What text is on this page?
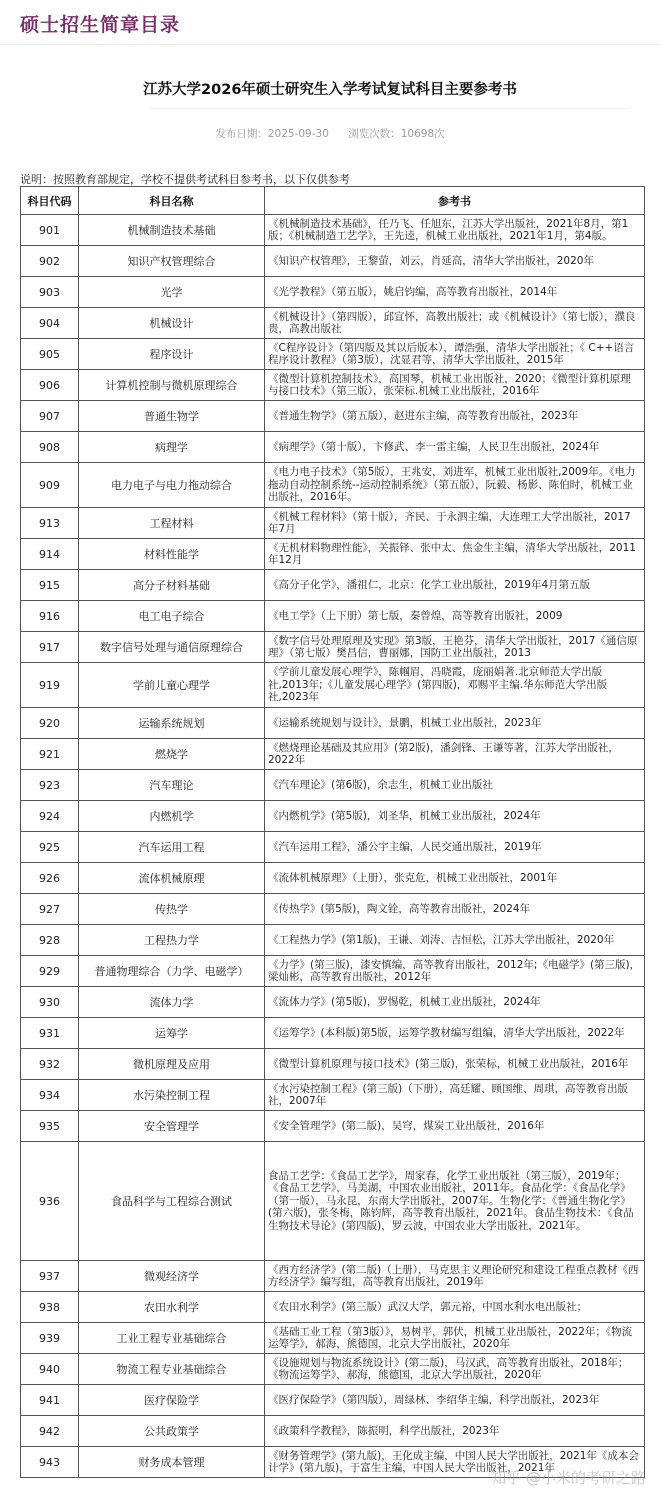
硕士招生简章目录
江苏大学2026年硕士研究生入学考试复试科目主要参考书
发布日期：2025-09-30 浏览次数：10698次
说明：按照教育部规定，学校不提供考试科目参考书，以下仅供参考
科目代码	科目名称	参考书
901	机械制造技术基础	《机械制造技术基础》，任乃飞、任旭东，江苏大学出版社，2021年8月，第1版；《机械制造工艺学》，王先逵，机械工业出版社，2021年1月，第4版。
902	知识产权管理综合	《知识产权管理》，王黎萤，刘云，肖延高，清华大学出版社，2020年
903	光学	《光学教程》（第五版），姚启钧编，高等教育出版社，2014年
904	机械设计	《机械设计》（第四版），邱宣怀，高教出版社；或《机械设计》（第七版），濮良贵，高教出版社
905	程序设计	《C程序设计》（第四版及其以后版本），谭浩强，清华大学出版社；《 C++语言程序设计教程》（第3版），沈显君等，清华大学出版社，2015年
906	计算机控制与微机原理综合	《微型计算机控制技术》，高国琴，机械工业出版社，2020；《微型计算机原理与接口技术》（第三版），张荣标.机械工业出版社，2016年
907	普通生物学	《普通生物学》（第五版），赵进东主编，高等教育出版社，2023年
908	病理学	《病理学》（第十版），卞修武、李一雷主编，人民卫生出版社，2024年
909	电力电子与电力拖动综合	《电力电子技术》（第5版），王兆安，刘进军，机械工业出版社,2009年。《电力拖动自动控制系统--运动控制系统》（第五版），阮毅、杨影、陈伯时，机械工业出版社，2016年。
913	工程材料	《机械工程材料》（第十版），齐民、于永泗主编，大连理工大学出版社，2017年7月
914	材料性能学	《无机材料物理性能》，关振铎、张中太、焦金生主编，清华大学出版社，2011年12月
915	高分子材料基础	《高分子化学》，潘祖仁，北京：化学工业出版社，2019年4月第五版
916	电工电子综合	《电工学》（上下册）第七版，秦曾煌，高等教育出版社，2009
917	数字信号处理与通信原理综合	《数字信号处理原理及实现》第3版，王艳芬，清华大学出版社，2017《通信原理》（第七版）樊昌信，曹丽娜，国防工业出版社，2013
919	学前儿童心理学	《学前儿童发展心理学》，陈帼眉，冯晓霞，庞丽娟著.北京师范大学出版社,2013年;《儿童发展心理学》(第四版)，邓赐平主编.华东师范大学出版社,2023年
920	运输系统规划	《运输系统规划与设计》，景鹏，机械工业出版社，2023年
921	燃烧学	《燃烧理论基础及其应用》(第2版)，潘剑锋、王谦等著，江苏大学出版社，2022年
923	汽车理论	《汽车理论》(第6版)，余志生，机械工业出版社
924	内燃机学	《内燃机学》(第5版)，刘圣华，机械工业出版社，2024年
925	汽车运用工程	《汽车运用工程》，潘公宇主编，人民交通出版社，2019年
926	流体机械原理	《流体机械原理》（上册），张克危，机械工业出版社，2001年
927	传热学	《传热学》(第5版)，陶文铨，高等教育出版社，2024年
928	工程热力学	《工程热力学》(第1版)，王谦、刘涛、吉恒松，江苏大学出版社，2020年
929	普通物理综合（力学、电磁学）	《力学》(第三版)，漆安慎编，高等教育出版社，2012年;《电磁学》(第三版)，梁灿彬，高等教育出版社，2012年
930	流体力学	《流体力学》(第5版)，罗惕乾，机械工业出版社，2024年
931	运筹学	《运筹学》(本科版)第5版，运筹学教材编写组编，清华大学出版社，2022年
932	微机原理及应用	《微型计算机原理与接口技术》(第三版)，张荣标，机械工业出版社，2016年
934	水污染控制工程	《水污染控制工程》(第三版)（下册），高廷耀、顾国维、周琪，高等教育出版社，2007年
935	安全管理学	《安全管理学》(第二版)，吴穹，煤炭工业出版社，2016年
936	食品科学与工程综合测试	食品工艺学：《食品工艺学》，周家春，化学工业出版社（第三版），2019年；《食品工艺学》，马美湖，中国农业出版社，2011年。食品化学：《食品化学》（第一版），马永昆，东南大学出版社，2007年。生物化学：《普通生物化学》(第六版)，张冬梅，陈钧辉，高等教育出版社，2021年。食品生物技术：《食品生物技术导论》(第四版)，罗云波，中国农业大学出版社，2021年。
937	微观经济学	《西方经济学》(第二版)（上册），马克思主义理论研究和建设工程重点教材《西方经济学》编写组，高等教育出版社，2019年
938	农田水利学	《农田水利学》(第三版）武汉大学，郭元裕，中国水利水电出版社；
939	工业工程专业基础综合	《基础工业工程（第3版）》，易树平，郭伏，机械工业出版社，2022年；《物流运筹学》，郝海，熊德国，北京大学出版社，2020年
940	物流工程专业基础综合	《设施规划与物流系统设计》(第二版)，马汉武，高等教育出版社，2018年；《物流运筹学》，郝海，熊德国，北京大学出版社，2020年
941	医疗保险学	《医疗保险学》（第四版），周绿林、李绍华主编，科学出版社，2023年
942	公共政策学	《政策科学教程》，陈振明，科学出版社，2023年
943	财务成本管理	《财务管理学》(第九版)，王化成主编，中国人民大学出版社，2021年《成本会计学》(第九版)，于富生主编，中国人民大学出版社，2021年
知乎 @小米的考研之路
